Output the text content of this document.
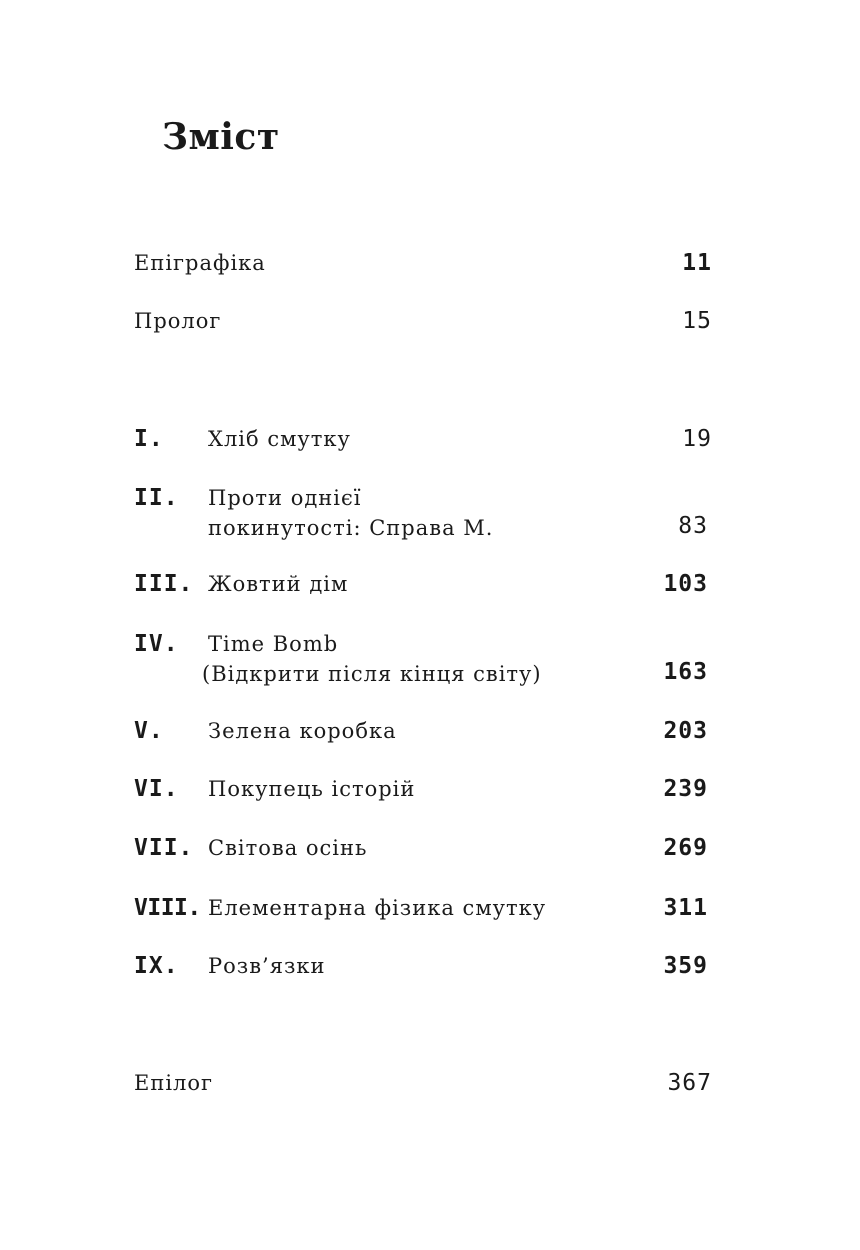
Зміст
Епіграфіка	11
Пролог	15
I. Хліб смутку	19
II. Проти однієї
покинутості: Справа М.	83
III. Жовтий дім	103
IV. Time Bomb
(Відкрити після кінця світу)	163
V. Зелена коробка	203
VI. Покупець історій	239
VII. Світова осінь	269
VIII. Елементарна фізика смутку	311
IX. Розв’язки	359
Епілог	367
